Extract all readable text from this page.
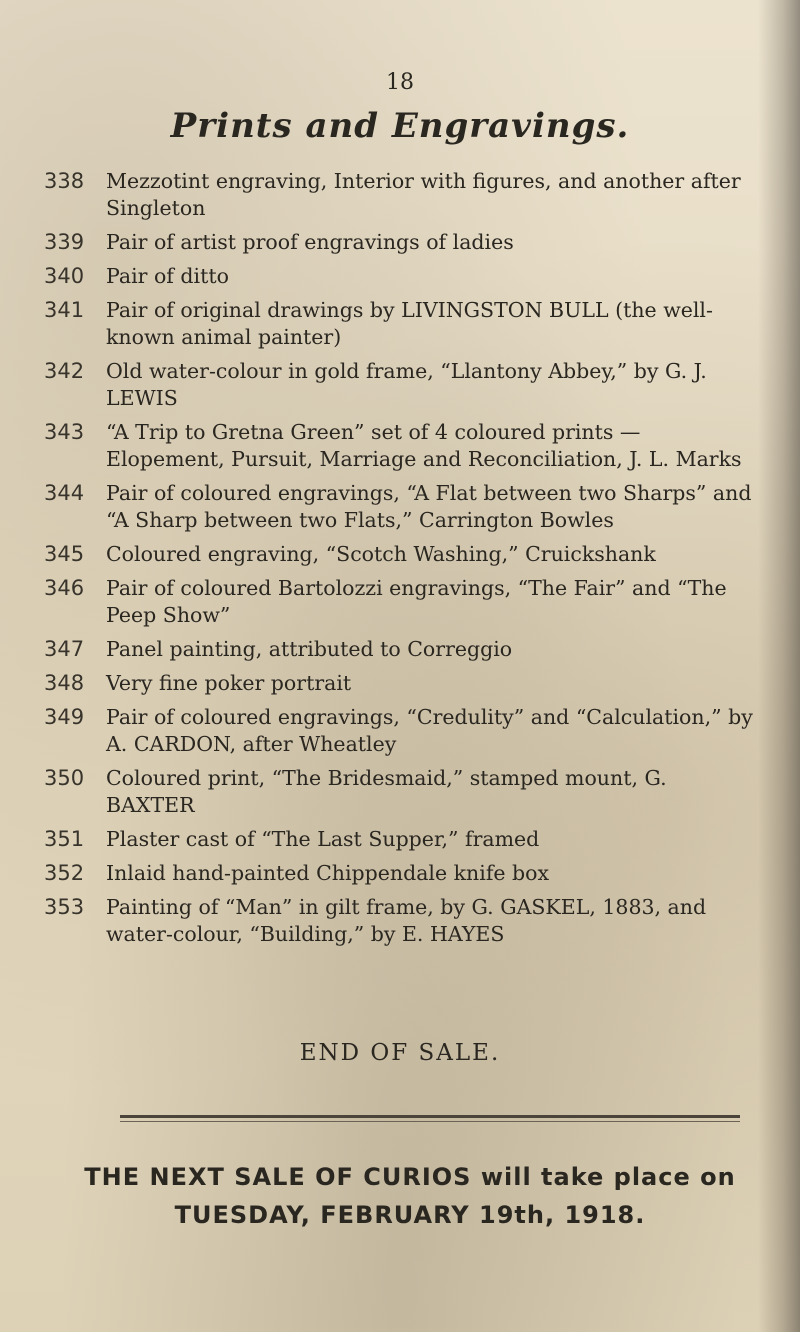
18
Prints and Engravings.
338	Mezzotint engraving, Interior with figures, and another after Singleton
339	Pair of artist proof engravings of ladies
340	Pair of ditto
341	Pair of original drawings by LIVINGSTON BULL (the well-known animal painter)
342	Old water-colour in gold frame, “Llantony Abbey,” by G. J. LEWIS
343	“A Trip to Gretna Green” set of 4 coloured prints — Elopement, Pursuit, Marriage and Reconciliation, J. L. Marks
344	Pair of coloured engravings, “A Flat between two Sharps” and “A Sharp between two Flats,” Carrington Bowles
345	Coloured engraving, “Scotch Washing,” Cruickshank
346	Pair of coloured Bartolozzi engravings, “The Fair” and “The Peep Show”
347	Panel painting, attributed to Correggio
348	Very fine poker portrait
349	Pair of coloured engravings, “Credulity” and “Calculation,” by A. CARDON, after Wheatley
350	Coloured print, “The Bridesmaid,” stamped mount, G. BAXTER
351	Plaster cast of “The Last Supper,” framed
352	Inlaid hand-painted Chippendale knife box
353	Painting of “Man” in gilt frame, by G. GASKEL, 1883, and water-colour, “Building,” by E. HAYES
END OF SALE.
THE NEXT SALE OF CURIOS will take place on
TUESDAY, FEBRUARY 19th, 1918.
